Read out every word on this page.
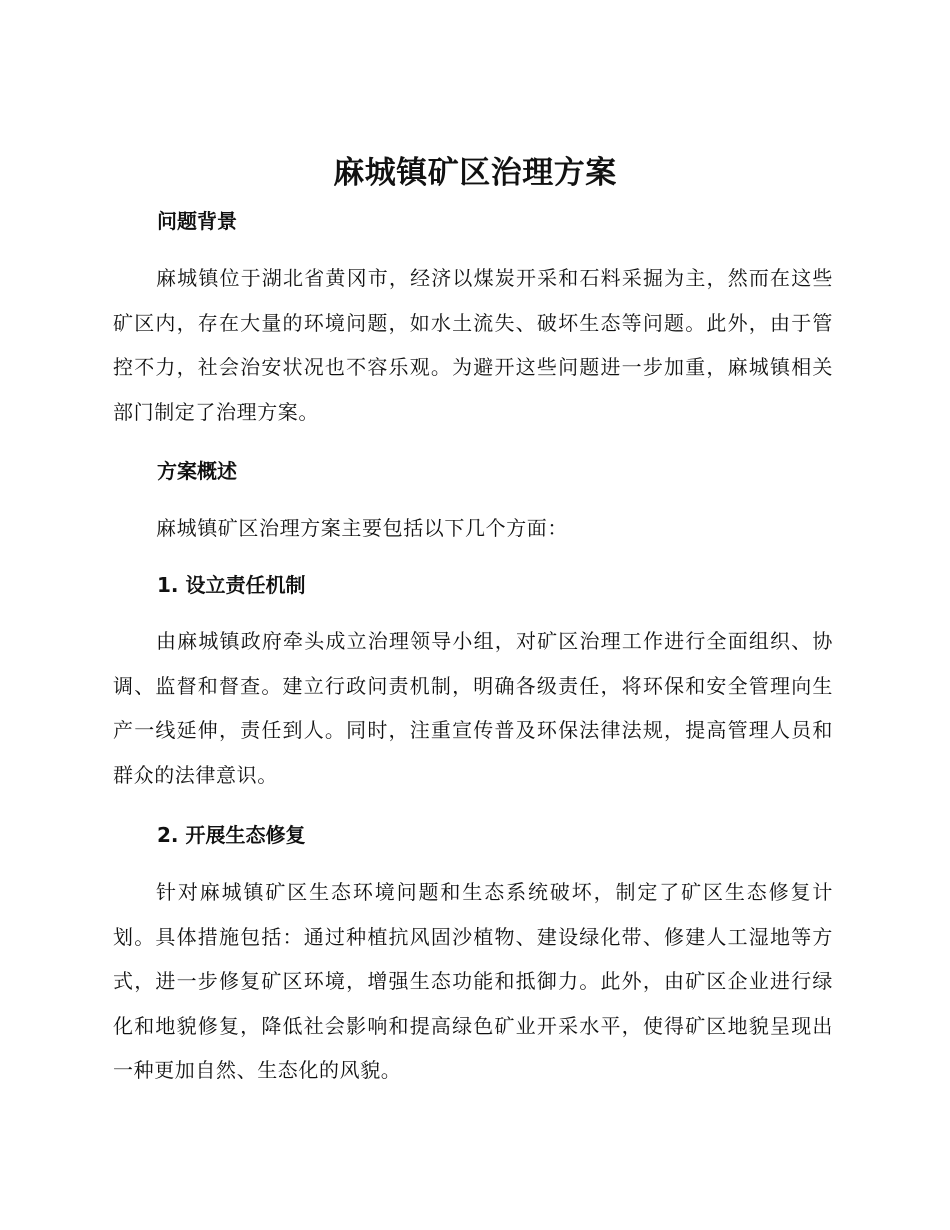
麻城镇矿区治理方案
问题背景
麻城镇位于湖北省黄冈市，经济以煤炭开采和石料采掘为主，然而在这些矿区内，存在大量的环境问题，如水土流失、破坏生态等问题。此外，由于管控不力，社会治安状况也不容乐观。为避开这些问题进一步加重，麻城镇相关部门制定了治理方案。
方案概述
麻城镇矿区治理方案主要包括以下几个方面：
1. 设立责任机制
由麻城镇政府牵头成立治理领导小组，对矿区治理工作进行全面组织、协调、监督和督查。建立行政问责机制，明确各级责任，将环保和安全管理向生产一线延伸，责任到人。同时，注重宣传普及环保法律法规，提高管理人员和群众的法律意识。
2. 开展生态修复
针对麻城镇矿区生态环境问题和生态系统破坏，制定了矿区生态修复计划。具体措施包括：通过种植抗风固沙植物、建设绿化带、修建人工湿地等方式，进一步修复矿区环境，增强生态功能和抵御力。此外，由矿区企业进行绿化和地貌修复，降低社会影响和提高绿色矿业开采水平，使得矿区地貌呈现出一种更加自然、生态化的风貌。
